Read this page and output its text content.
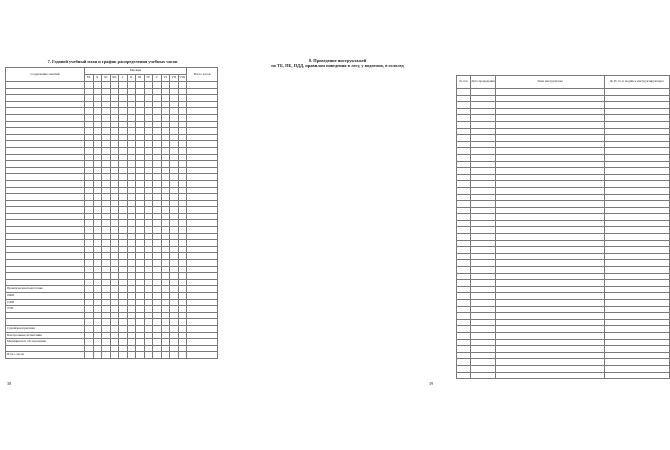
7. Годовой учебный план и график распределения учебных часов
Содержание занятий	Месяцы												Всего часов
	IX	X	XI	XII	I	II	III	IV	V	VI	VII	VIII	

Практическая подготовка													
ОФП													
СФП													
ТТП													

Судейская практика													
Контрольные испытания													
Медицинское обследование													

Итого часов													
38
8. Проведение инструктажей
по ТБ, ПБ, ПДД, правилам поведения в лесу, у водоемов, в гололед
№ п/п	Дата проведения	Тема инструктажа	Ф. И. О. и подпись инструктирующего

39
